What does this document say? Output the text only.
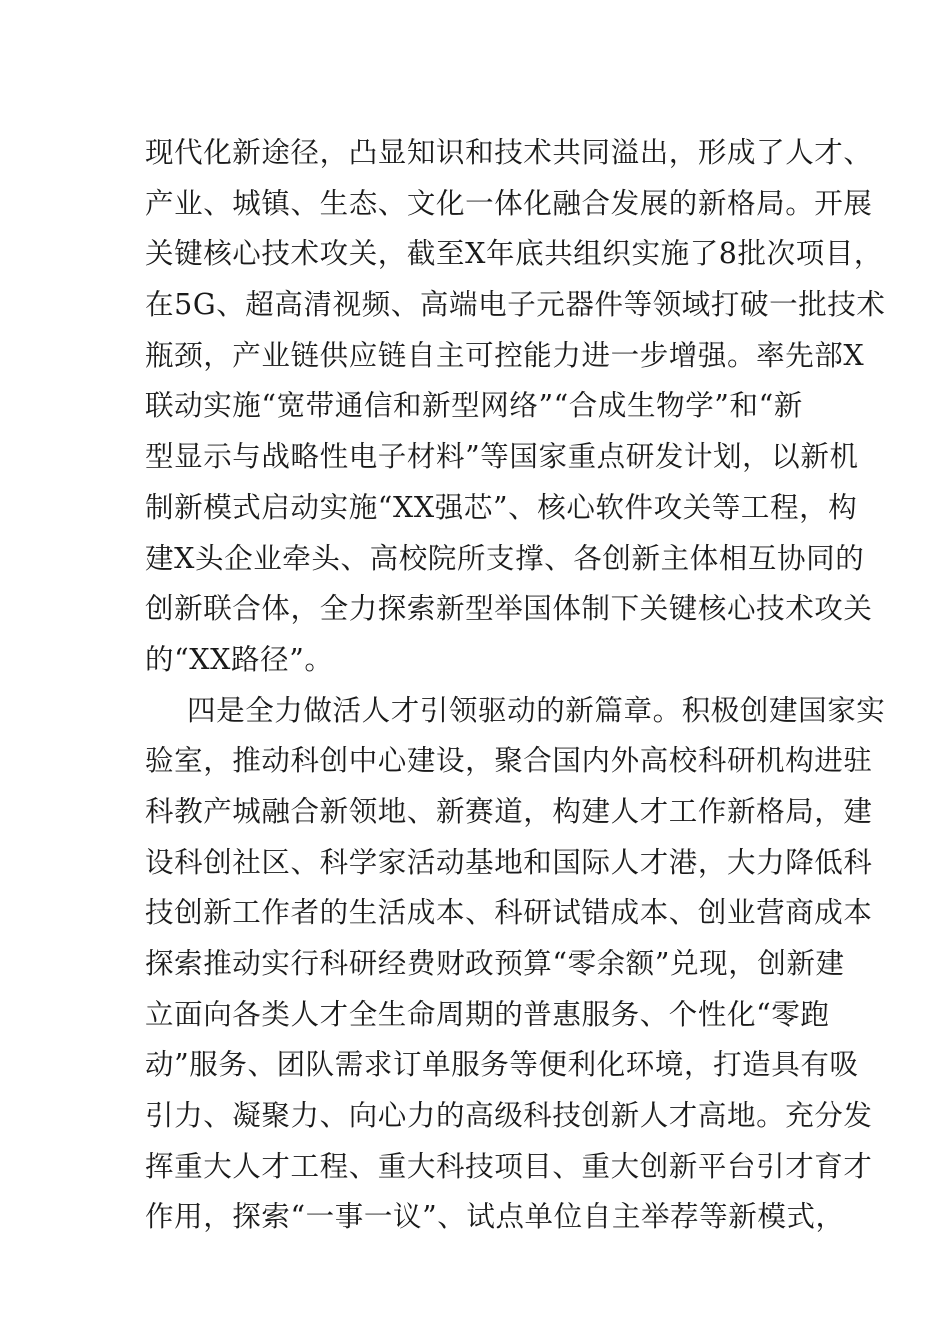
现代化新途径，凸显知识和技术共同溢出，形成了人才、
产业、城镇、生态、文化一体化融合发展的新格局。开展
关键核心技术攻关，截至X年底共组织实施了8批次项目，
在5G、超高清视频、高端电子元器件等领域打破一批技术
瓶颈，产业链供应链自主可控能力进一步增强。率先部X
联动实施“宽带通信和新型网络”“合成生物学”和“新
型显示与战略性电子材料”等国家重点研发计划，以新机
制新模式启动实施“XX强芯”、核心软件攻关等工程，构
建X头企业牵头、高校院所支撑、各创新主体相互协同的
创新联合体，全力探索新型举国体制下关键核心技术攻关
的“XX路径”。
四是全力做活人才引领驱动的新篇章。积极创建国家实
验室，推动科创中心建设，聚合国内外高校科研机构进驻
科教产城融合新领地、新赛道，构建人才工作新格局，建
设科创社区、科学家活动基地和国际人才港，大力降低科
技创新工作者的生活成本、科研试错成本、创业营商成本
探索推动实行科研经费财政预算“零余额”兑现，创新建
立面向各类人才全生命周期的普惠服务、个性化“零跑
动”服务、团队需求订单服务等便利化环境，打造具有吸
引力、凝聚力、向心力的高级科技创新人才高地。充分发
挥重大人才工程、重大科技项目、重大创新平台引才育才
作用，探索“一事一议”、试点单位自主举荐等新模式，
